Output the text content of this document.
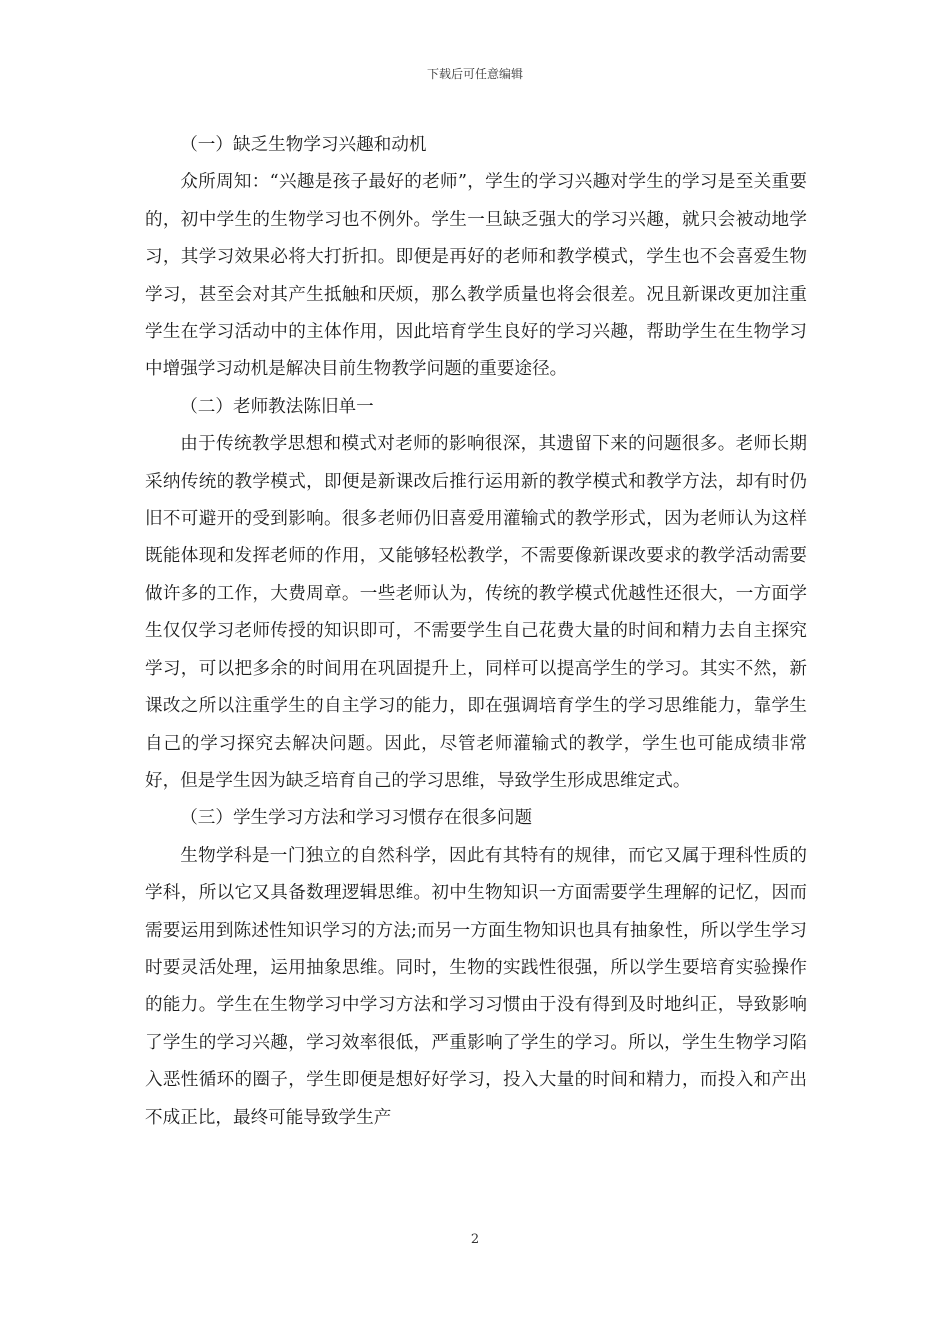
下载后可任意编辑

（一）缺乏生物学习兴趣和动机

众所周知：“兴趣是孩子最好的老师”，学生的学习兴趣对学生的学习是至关重要的，初中学生的生物学习也不例外。学生一旦缺乏强大的学习兴趣，就只会被动地学习，其学习效果必将大打折扣。即便是再好的老师和教学模式，学生也不会喜爱生物学习，甚至会对其产生抵触和厌烦，那么教学质量也将会很差。况且新课改更加注重学生在学习活动中的主体作用，因此培育学生良好的学习兴趣，帮助学生在生物学习中增强学习动机是解决目前生物教学问题的重要途径。

（二）老师教法陈旧单一

由于传统教学思想和模式对老师的影响很深，其遗留下来的问题很多。老师长期采纳传统的教学模式，即便是新课改后推行运用新的教学模式和教学方法，却有时仍旧不可避开的受到影响。很多老师仍旧喜爱用灌输式的教学形式，因为老师认为这样既能体现和发挥老师的作用，又能够轻松教学，不需要像新课改要求的教学活动需要做许多的工作，大费周章。一些老师认为，传统的教学模式优越性还很大，一方面学生仅仅学习老师传授的知识即可，不需要学生自己花费大量的时间和精力去自主探究学习，可以把多余的时间用在巩固提升上，同样可以提高学生的学习。其实不然，新课改之所以注重学生的自主学习的能力，即在强调培育学生的学习思维能力，靠学生自己的学习探究去解决问题。因此，尽管老师灌输式的教学，学生也可能成绩非常好，但是学生因为缺乏培育自己的学习思维，导致学生形成思维定式。

（三）学生学习方法和学习习惯存在很多问题

生物学科是一门独立的自然科学，因此有其特有的规律，而它又属于理科性质的学科，所以它又具备数理逻辑思维。初中生物知识一方面需要学生理解的记忆，因而需要运用到陈述性知识学习的方法;而另一方面生物知识也具有抽象性，所以学生学习时要灵活处理，运用抽象思维。同时，生物的实践性很强，所以学生要培育实验操作的能力。学生在生物学习中学习方法和学习习惯由于没有得到及时地纠正，导致影响了学生的学习兴趣，学习效率很低，严重影响了学生的学习。所以，学生生物学习陷入恶性循环的圈子，学生即便是想好好学习，投入大量的时间和精力，而投入和产出不成正比，最终可能导致学生产

2
